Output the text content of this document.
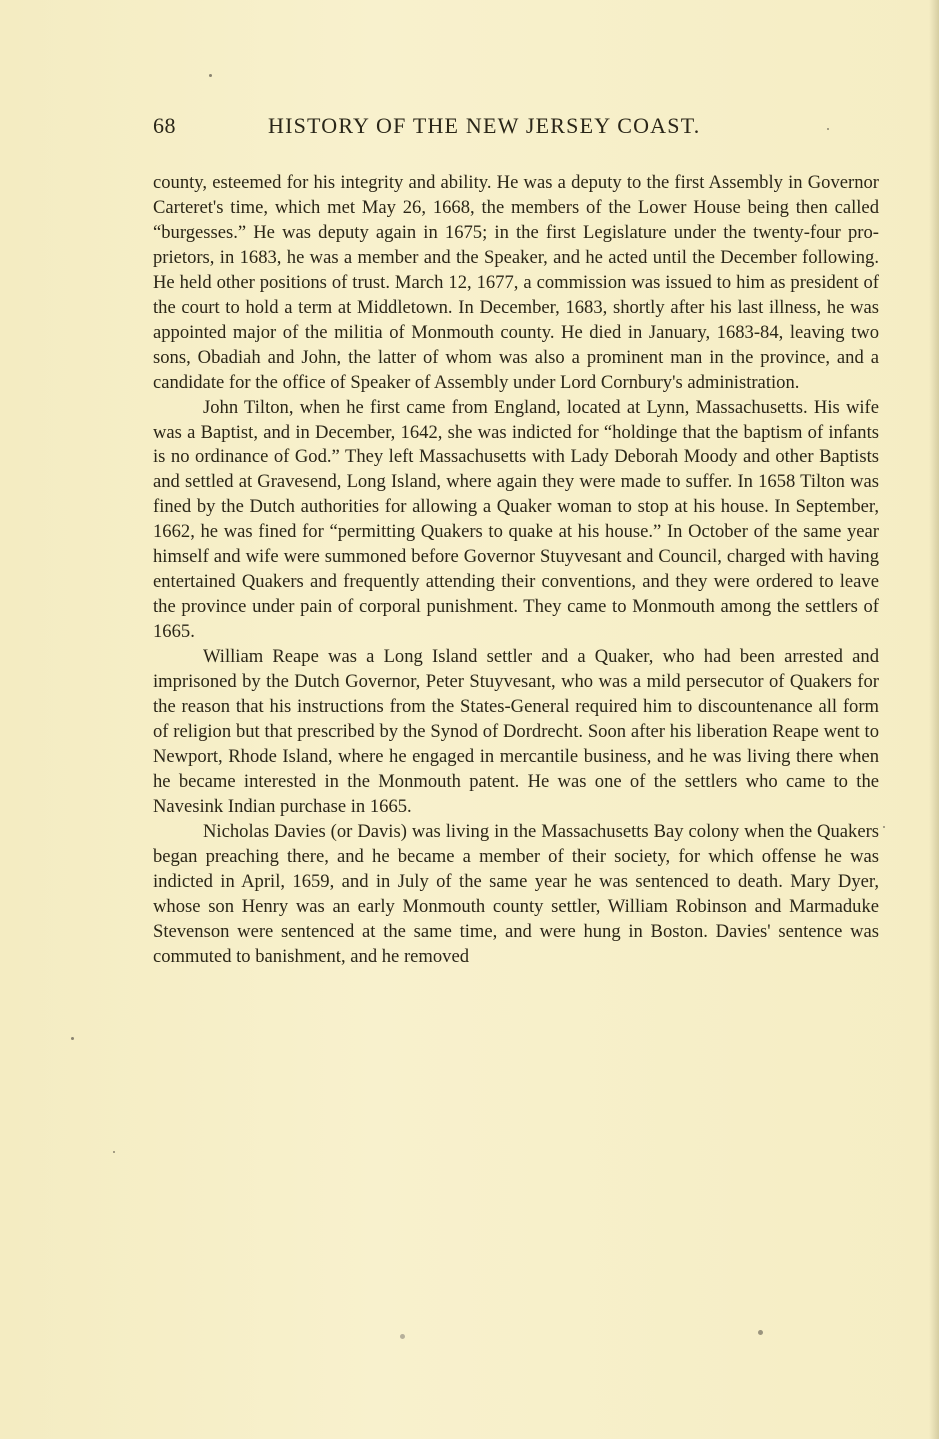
68	HISTORY OF THE NEW JERSEY COAST.

county, esteemed for his integrity and ability. He was a deputy to the first Assembly in Governor Carteret's time, which met May 26, 1668, the members of the Lower House being then called “burgesses.” He was deputy again in 1675; in the first Legislature under the twenty-four proprietors, in 1683, he was a member and the Speaker, and he acted until the December following. He held other positions of trust. March 12, 1677, a commission was issued to him as president of the court to hold a term at Middletown. In December, 1683, shortly after his last illness, he was appointed major of the militia of Monmouth county. He died in January, 1683-84, leaving two sons, Obadiah and John, the latter of whom was also a prominent man in the province, and a candidate for the office of Speaker of Assembly under Lord Cornbury's administration.

John Tilton, when he first came from England, located at Lynn, Massachusetts. His wife was a Baptist, and in December, 1642, she was indicted for “holdinge that the baptism of infants is no ordinance of God.” They left Massachusetts with Lady Deborah Moody and other Baptists and settled at Gravesend, Long Island, where again they were made to suffer. In 1658 Tilton was fined by the Dutch authorities for allowing a Quaker woman to stop at his house. In September, 1662, he was fined for “permitting Quakers to quake at his house.” In October of the same year himself and wife were summoned before Governor Stuyvesant and Council, charged with having entertained Quakers and frequently attending their conventions, and they were ordered to leave the province under pain of corporal punishment. They came to Monmouth among the settlers of 1665.

William Reape was a Long Island settler and a Quaker, who had been arrested and imprisoned by the Dutch Governor, Peter Stuyvesant, who was a mild persecutor of Quakers for the reason that his instructions from the States-General required him to discountenance all form of religion but that prescribed by the Synod of Dordrecht. Soon after his liberation Reape went to Newport, Rhode Island, where he engaged in mercantile business, and he was living there when he became interested in the Monmouth patent. He was one of the settlers who came to the Navesink Indian purchase in 1665.

Nicholas Davies (or Davis) was living in the Massachusetts Bay colony when the Quakers began preaching there, and he became a member of their society, for which offense he was indicted in April, 1659, and in July of the same year he was sentenced to death. Mary Dyer, whose son Henry was an early Monmouth county settler, William Robinson and Marmaduke Stevenson were sentenced at the same time, and were hung in Boston. Davies' sentence was commuted to banishment, and he removed
